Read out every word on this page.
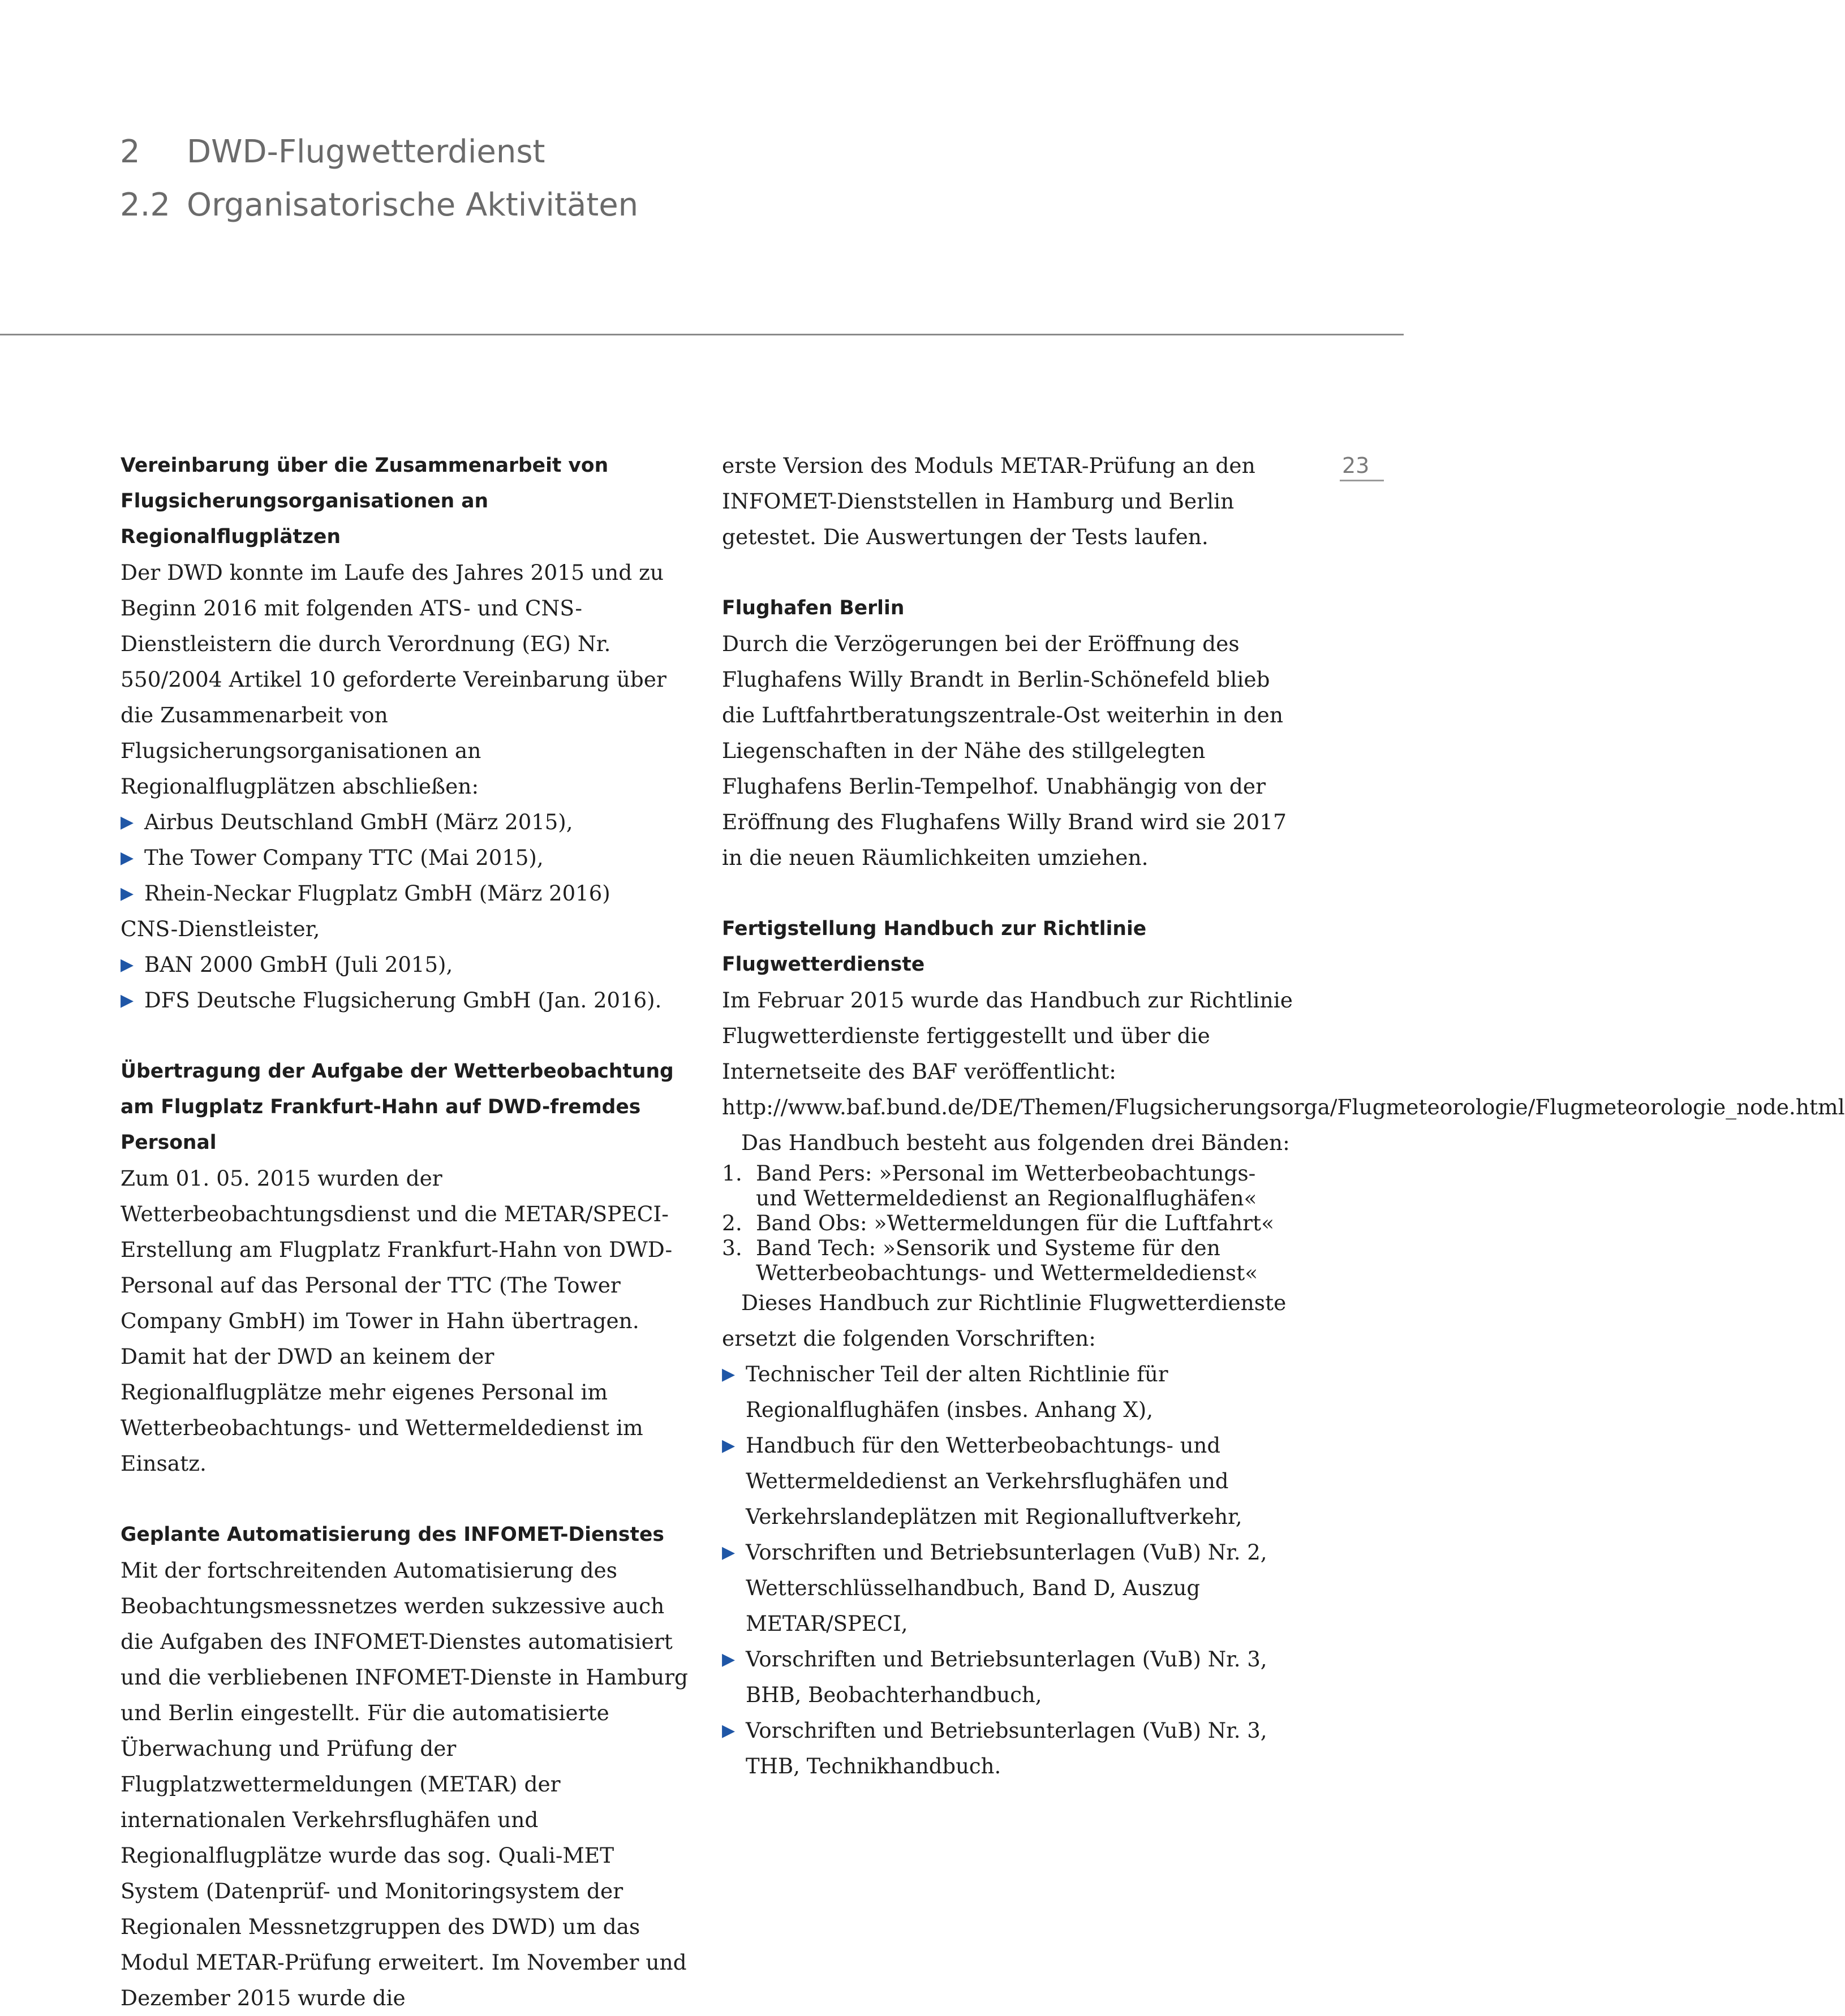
2 DWD-Flugwetterdienst
2.2 Organisatorische Aktivitäten
23
Vereinbarung über die Zusammenarbeit von Flugsicherungsorganisationen an Regionalflugplätzen

Der DWD konnte im Laufe des Jahres 2015 und zu Beginn 2016 mit folgenden ATS- und CNS-Dienstleistern die durch Verordnung (EG) Nr. 550/2004 Artikel 10 geforderte Vereinbarung über die Zusammenarbeit von Flugsicherungsorganisationen an Regionalflugplätzen abschließen:

▶ Airbus Deutschland GmbH (März 2015),
▶ The Tower Company TTC (Mai 2015),
▶ Rhein-Neckar Flugplatz GmbH (März 2016)

CNS-Dienstleister,

▶ BAN 2000 GmbH (Juli 2015),
▶ DFS Deutsche Flugsicherung GmbH (Jan. 2016).
Übertragung der Aufgabe der Wetterbeobachtung am Flugplatz Frankfurt-Hahn auf DWD-fremdes Personal

Zum 01. 05. 2015 wurden der Wetterbeobachtungsdienst und die METAR/SPECI-Erstellung am Flugplatz Frankfurt-Hahn von DWD-Personal auf das Personal der TTC (The Tower Company GmbH) im Tower in Hahn übertragen. Damit hat der DWD an keinem der Regionalflugplätze mehr eigenes Personal im Wetterbeobachtungs- und Wettermeldedienst im Einsatz.

Geplante Automatisierung des INFOMET-Dienstes

Mit der fortschreitenden Automatisierung des Beobachtungsmessnetzes werden sukzessive auch die Aufgaben des INFOMET-Dienstes automatisiert und die verbliebenen INFOMET-Dienste in Hamburg und Berlin eingestellt. Für die automatisierte Überwachung und Prüfung der Flugplatzwettermeldungen (METAR) der internationalen Verkehrsflughäfen und Regionalflugplätze wurde das sog. Quali-MET System (Datenprüf- und Monitoringsystem der Regionalen Messnetzgruppen des DWD) um das Modul METAR-Prüfung erweitert. Im November und Dezember 2015 wurde die

erste Version des Moduls METAR-Prüfung an den INFOMET-Dienststellen in Hamburg und Berlin getestet. Die Auswertungen der Tests laufen.

Flughafen Berlin

Durch die Verzögerungen bei der Eröffnung des Flughafens Willy Brandt in Berlin-Schönefeld blieb die Luftfahrtberatungszentrale-Ost weiterhin in den Liegenschaften in der Nähe des stillgelegten Flughafens Berlin-Tempelhof. Unabhängig von der Eröffnung des Flughafens Willy Brand wird sie 2017 in die neuen Räumlichkeiten umziehen.

Fertigstellung Handbuch zur Richtlinie Flugwetterdienste

Im Februar 2015 wurde das Handbuch zur Richtlinie Flugwetterdienste fertiggestellt und über die Internetseite des BAF veröffentlicht: http://www.baf.bund.de/DE/Themen/Flugsicherungsorga/Flugmeteorologie/Flugmeteorologie_node.html

Das Handbuch besteht aus folgenden drei Bänden:

1. Band Pers: »Personal im Wetterbeobachtungs- und Wettermeldedienst an Regionalflughäfen«
2. Band Obs: »Wettermeldungen für die Luftfahrt«
3. Band Tech: »Sensorik und Systeme für den Wetterbeobachtungs- und Wettermeldedienst«

Dieses Handbuch zur Richtlinie Flugwetterdienste ersetzt die folgenden Vorschriften:

▶ Technischer Teil der alten Richtlinie für Regionalflughäfen (insbes. Anhang X),
▶ Handbuch für den Wetterbeobachtungs- und Wettermeldedienst an Verkehrsflughäfen und Verkehrslandeplätzen mit Regionalluftverkehr,
▶ Vorschriften und Betriebsunterlagen (VuB) Nr. 2, Wetterschlüsselhandbuch, Band D, Auszug METAR/SPECI,
▶ Vorschriften und Betriebsunterlagen (VuB) Nr. 3, BHB, Beobachterhandbuch,
▶ Vorschriften und Betriebsunterlagen (VuB) Nr. 3, THB, Technikhandbuch.
